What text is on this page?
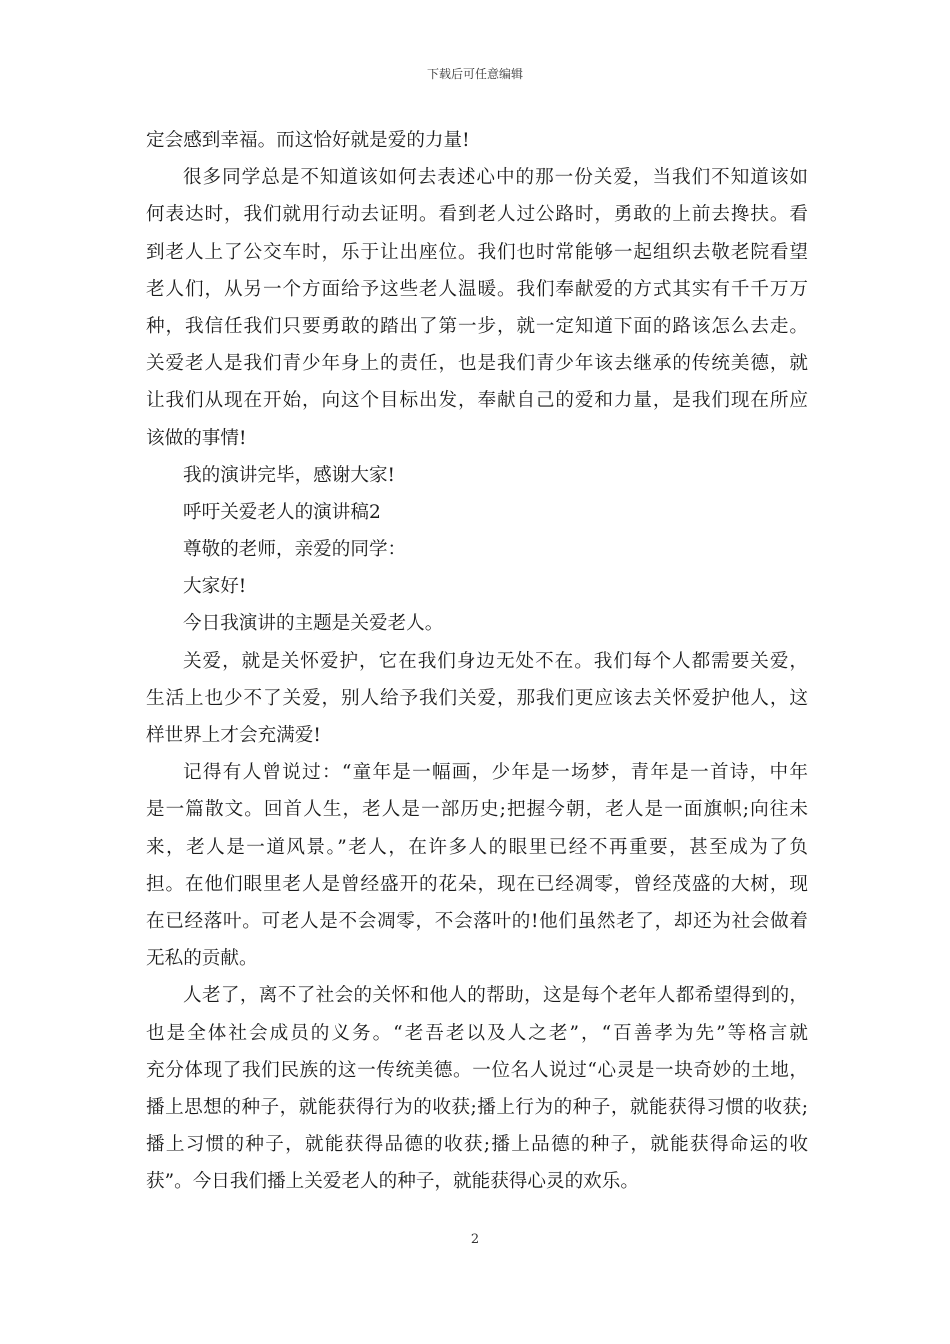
下载后可任意编辑
定会感到幸福。而这恰好就是爱的力量!
很多同学总是不知道该如何去表述心中的那一份关爱，当我们不知道该如
何表达时，我们就用行动去证明。看到老人过公路时，勇敢的上前去搀扶。看
到老人上了公交车时，乐于让出座位。我们也时常能够一起组织去敬老院看望
老人们，从另一个方面给予这些老人温暖。我们奉献爱的方式其实有千千万万
种，我信任我们只要勇敢的踏出了第一步，就一定知道下面的路该怎么去走。
关爱老人是我们青少年身上的责任，也是我们青少年该去继承的传统美德，就
让我们从现在开始，向这个目标出发，奉献自己的爱和力量，是我们现在所应
该做的事情!
我的演讲完毕，感谢大家!
呼吁关爱老人的演讲稿2
尊敬的老师，亲爱的同学：
大家好!
今日我演讲的主题是关爱老人。
关爱，就是关怀爱护，它在我们身边无处不在。我们每个人都需要关爱，
生活上也少不了关爱，别人给予我们关爱，那我们更应该去关怀爱护他人，这
样世界上才会充满爱!
记得有人曾说过：“童年是一幅画，少年是一场梦，青年是一首诗，中年
是一篇散文。回首人生，老人是一部历史;把握今朝，老人是一面旗帜;向往未
来，老人是一道风景。”老人，在许多人的眼里已经不再重要，甚至成为了负
担。在他们眼里老人是曾经盛开的花朵，现在已经凋零，曾经茂盛的大树，现
在已经落叶。可老人是不会凋零，不会落叶的!他们虽然老了，却还为社会做着
无私的贡献。
人老了，离不了社会的关怀和他人的帮助，这是每个老年人都希望得到的，
也是全体社会成员的义务。“老吾老以及人之老”，“百善孝为先”等格言就
充分体现了我们民族的这一传统美德。一位名人说过“心灵是一块奇妙的土地，
播上思想的种子，就能获得行为的收获;播上行为的种子，就能获得习惯的收获;
播上习惯的种子，就能获得品德的收获;播上品德的种子，就能获得命运的收
获”。今日我们播上关爱老人的种子，就能获得心灵的欢乐。
2
